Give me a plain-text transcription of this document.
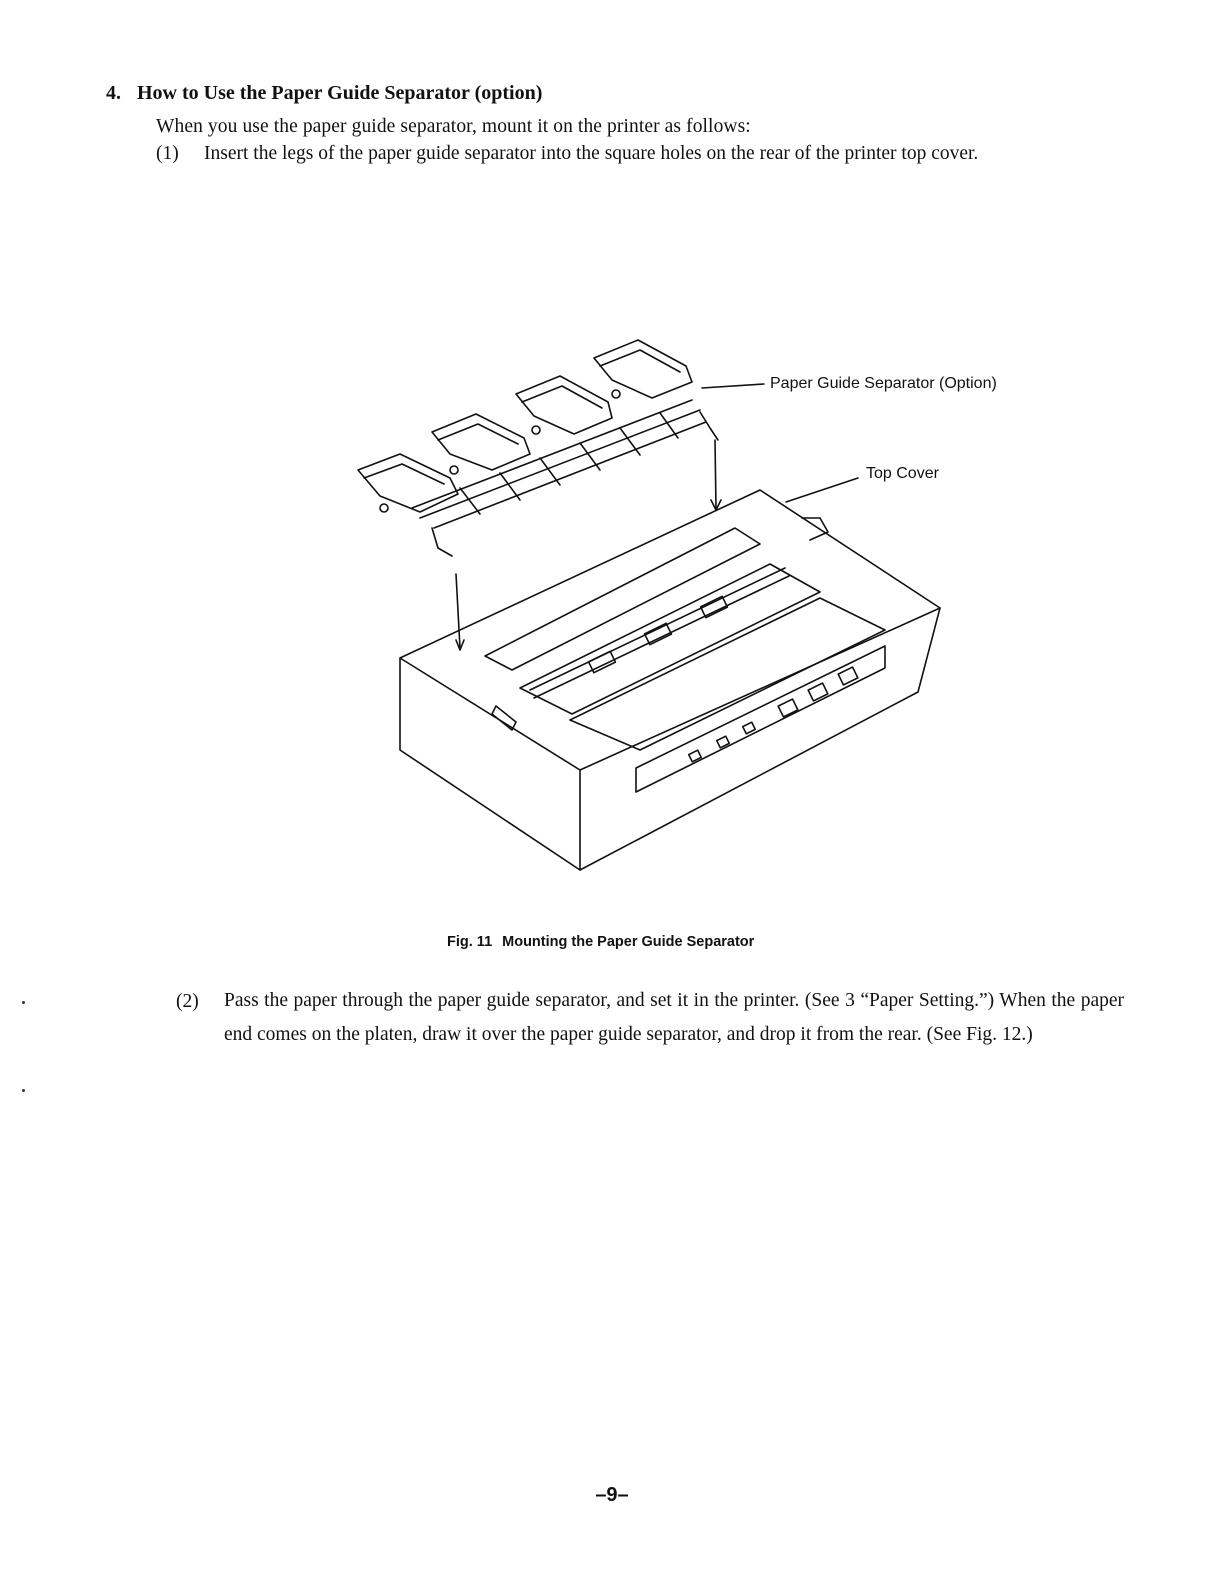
4. How to Use the Paper Guide Separator (option)
When you use the paper guide separator, mount it on the printer as follows:
(1) Insert the legs of the paper guide separator into the square holes on the rear of the printer top cover.
Paper Guide Separator (Option)
Top Cover
Fig. 11 Mounting the Paper Guide Separator
(2) Pass the paper through the paper guide separator, and set it in the printer. (See 3 “Paper Setting.”) When the paper end comes on the platen, draw it over the paper guide separator, and drop it from the rear. (See Fig. 12.)
–9–
